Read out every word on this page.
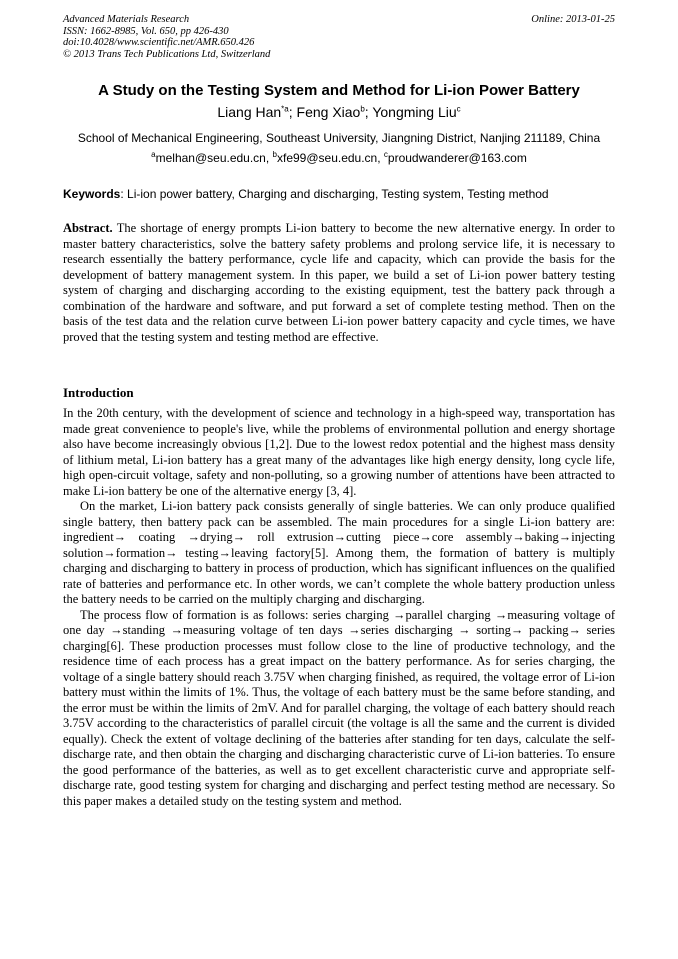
Advanced Materials Research
ISSN: 1662-8985, Vol. 650, pp 426-430
doi:10.4028/www.scientific.net/AMR.650.426
© 2013 Trans Tech Publications Ltd, Switzerland
Online: 2013-01-25
A Study on the Testing System and Method for Li-ion Power Battery
Liang Han$^{*a}$; Feng Xiao$^b$; Yongming Liu$^c$
School of Mechanical Engineering, Southeast University, Jiangning District, Nanjing 211189, China
$^a$melhan@seu.edu.cn, $^b$xfe99@seu.edu.cn, $^c$proudwanderer@163.com
Keywords: Li-ion power battery, Charging and discharging, Testing system, Testing method

Abstract. The shortage of energy prompts Li-ion battery to become the new alternative energy. In order to master battery characteristics, solve the battery safety problems and prolong service life, it is necessary to research essentially the battery performance, cycle life and capacity, which can provide the basis for the development of battery management system. In this paper, we build a set of Li-ion power battery testing system of charging and discharging according to the existing equipment, test the battery pack through a combination of the hardware and software, and put forward a set of complete testing method. Then on the basis of the test data and the relation curve between Li-ion power battery capacity and cycle times, we have proved that the testing system and testing method are effective.

Introduction

In the 20th century, with the development of science and technology in a high-speed way, transportation has made great convenience to people's live, while the problems of environmental pollution and energy shortage also have become increasingly obvious [1,2]. Due to the lowest redox potential and the highest mass density of lithium metal, Li-ion battery has a great many of the advantages like high energy density, long cycle life, high open-circuit voltage, safety and non-polluting, so a growing number of attentions have been attracted to make Li-ion battery be one of the alternative energy [3, 4].

On the market, Li-ion battery pack consists generally of single batteries. We can only produce qualified single battery, then battery pack can be assembled. The main procedures for a single Li-ion battery are: ingredient→ coating →drying→ roll extrusion→cutting piece→core assembly→baking→injecting solution→formation→ testing→leaving factory[5]. Among them, the formation of battery is multiply charging and discharging to battery in process of production, which has significant influences on the qualified rate of batteries and performance etc. In other words, we can’t complete the whole battery production unless the battery needs to be carried on the multiply charging and discharging.

The process flow of formation is as follows: series charging →parallel charging →measuring voltage of one day →standing →measuring voltage of ten days →series discharging → sorting→ packing→ series charging[6]. These production processes must follow close to the line of productive technology, and the residence time of each process has a great impact on the battery performance. As for series charging, the voltage of a single battery should reach 3.75V when charging finished, as required, the voltage error of Li-ion battery must within the limits of 1%. Thus, the voltage of each battery must be the same before standing, and the error must be within the limits of 2mV. And for parallel charging, the voltage of each battery should reach 3.75V according to the characteristics of parallel circuit (the voltage is all the same and the current is divided equally). Check the extent of voltage declining of the batteries after standing for ten days, calculate the self-discharge rate, and then obtain the charging and discharging characteristic curve of Li-ion batteries. To ensure the good performance of the batteries, as well as to get excellent characteristic curve and appropriate self-discharge rate, good testing system for charging and discharging and perfect testing method are necessary. So this paper makes a detailed study on the testing system and method.
